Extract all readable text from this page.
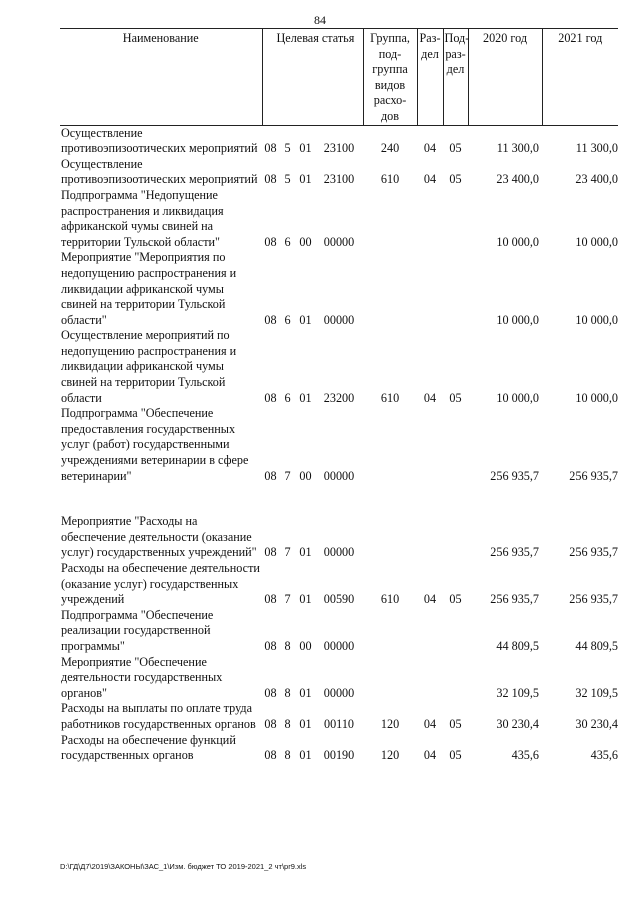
84
Наименование	Целевая статья				Группа, под- группа видов расхо- дов	Раз- дел	Под- раз- дел	2020 год	2021 год
Осуществление противоэпизоотических мероприятий	08	5	01	23100	240	04	05	11 300,0	11 300,0
Осуществление противоэпизоотических мероприятий	08	5	01	23100	610	04	05	23 400,0	23 400,0
Подпрограмма "Недопущение распространения и ликвидация африканской чумы свиней на территории Тульской области"	08	6	00	00000				10 000,0	10 000,0
Мероприятие "Мероприятия по недопущению распространения и ликвидации африканской чумы свиней на территории Тульской области"	08	6	01	00000				10 000,0	10 000,0
Осуществление мероприятий по недопущению распространения и ликвидации африканской чумы свиней на территории Тульской области	08	6	01	23200	610	04	05	10 000,0	10 000,0
Подпрограмма "Обеспечение предоставления государственных услуг (работ) государственными учреждениями ветеринарии в сфере ветеринарии"	08	7	00	00000				256 935,7	256 935,7

Мероприятие "Расходы на обеспечение деятельности (оказание услуг) государственных учреждений"	08	7	01	00000				256 935,7	256 935,7
Расходы на обеспечение деятельности (оказание услуг) государственных учреждений	08	7	01	00590	610	04	05	256 935,7	256 935,7
Подпрограмма "Обеспечение реализации государственной программы"	08	8	00	00000				44 809,5	44 809,5
Мероприятие "Обеспечение деятельности государственных органов"	08	8	01	00000				32 109,5	32 109,5
Расходы на выплаты по оплате труда работников государственных органов	08	8	01	00110	120	04	05	30 230,4	30 230,4
Расходы на обеспечение функций государственных органов	08	8	01	00190	120	04	05	435,6	435,6
D:\ГД\Д7\2019\ЗАКОНЫ\ЗАС_1\Изм. бюджет ТО 2019-2021_2 чт\pr9.xls
